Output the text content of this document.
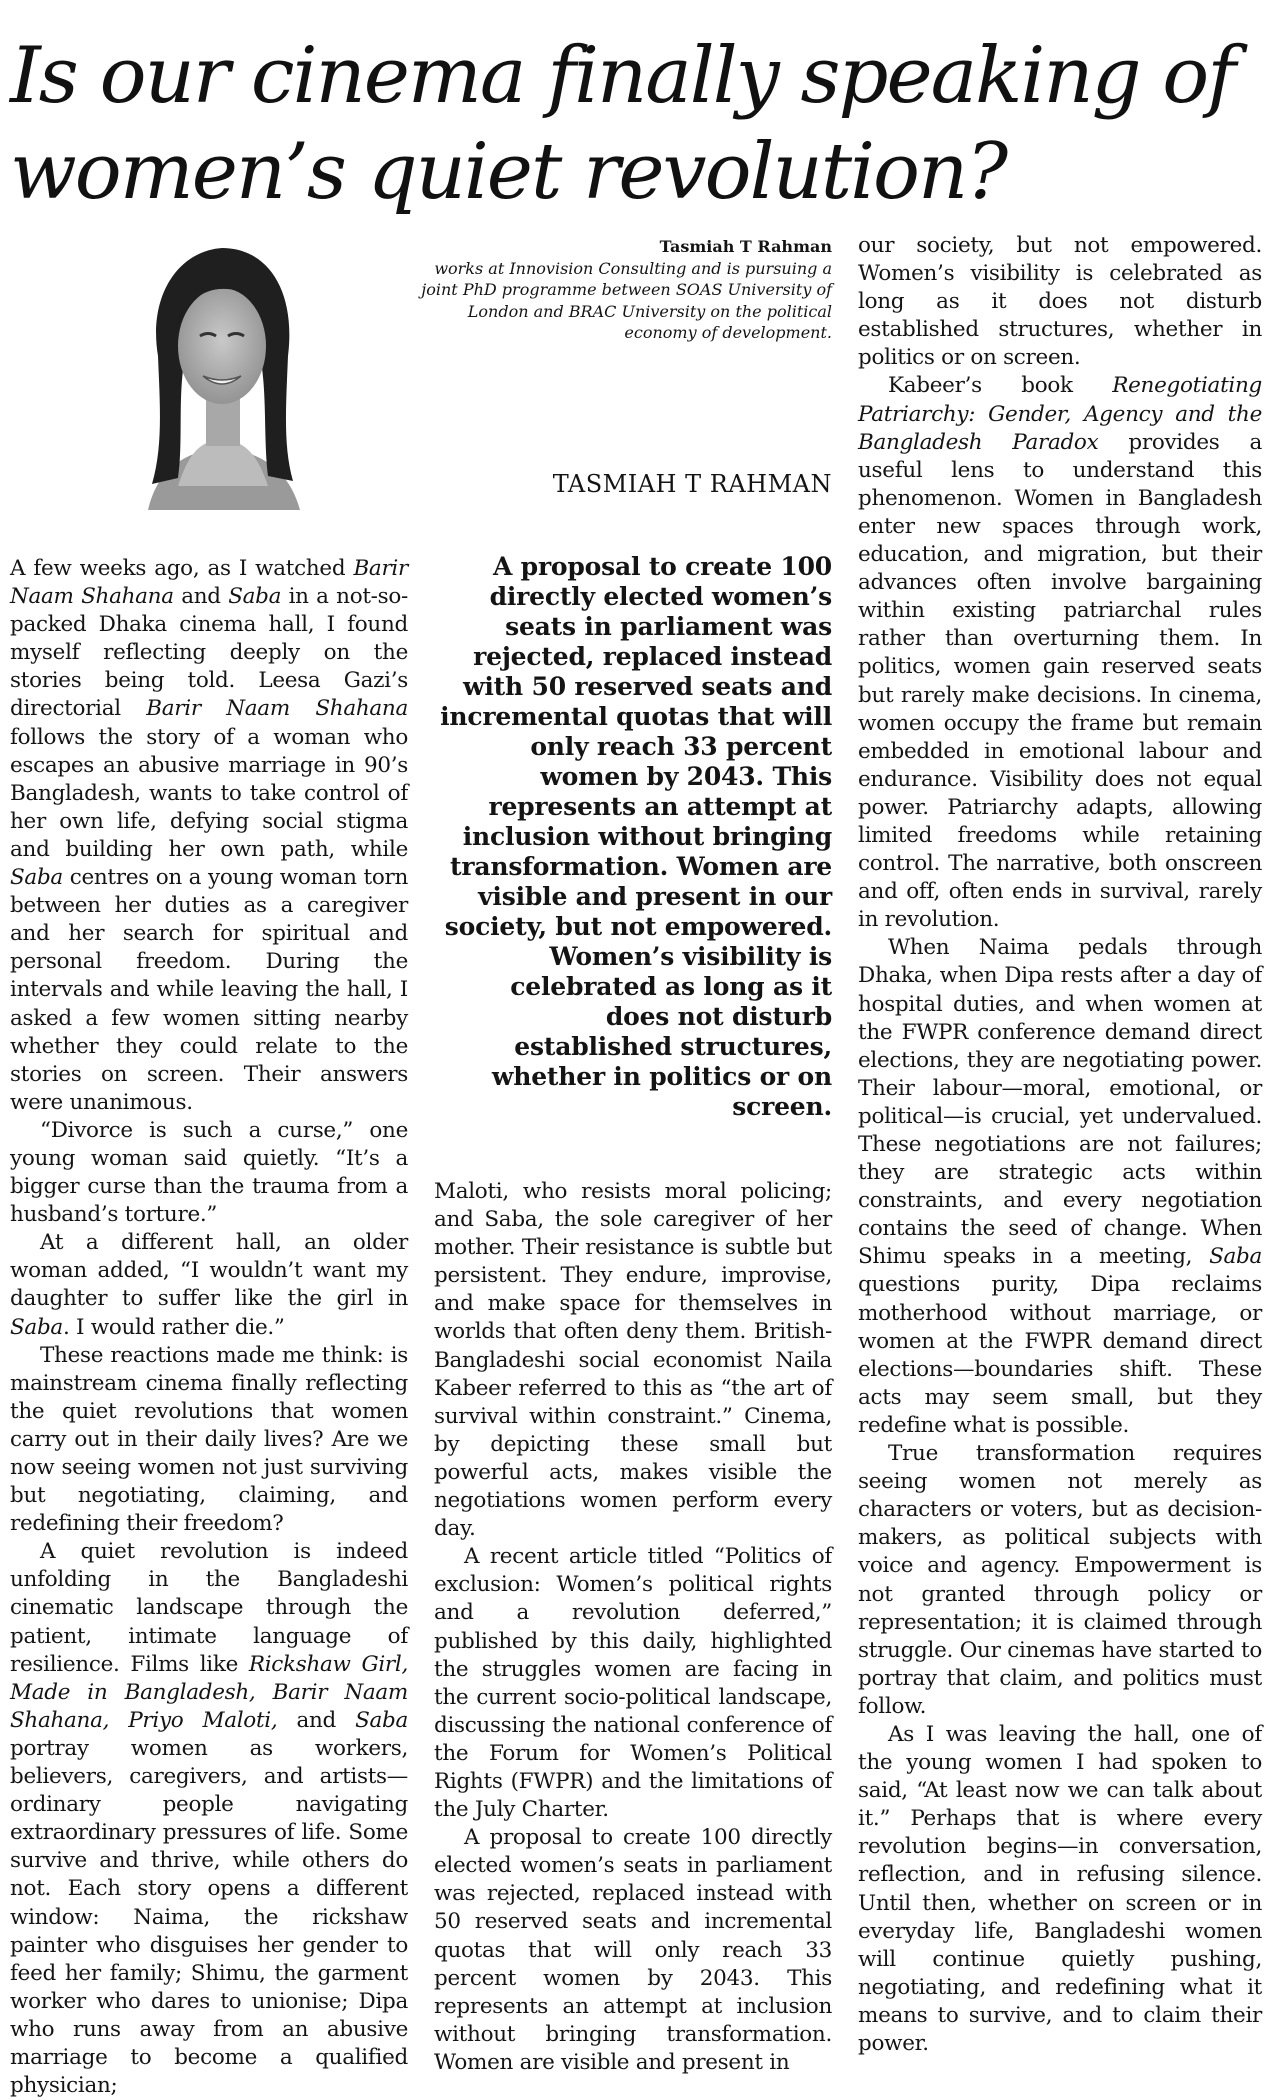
Is our cinema finally speaking of women’s quiet revolution?
Tasmiah T Rahman
works at Innovision Consulting and is pursuing a joint PhD programme between SOAS University of London and BRAC University on the political economy of development.
TASMIAH T RAHMAN
A proposal to create 100 directly elected women’s seats in parliament was rejected, replaced instead with 50 reserved seats and incremental quotas that will only reach 33 percent women by 2043. This represents an attempt at inclusion without bringing transformation. Women are visible and present in our society, but not empowered. Women’s visibility is celebrated as long as it does not disturb established structures, whether in politics or on screen.

A few weeks ago, as I watched Barir Naam Shahana and Saba in a not-so-packed Dhaka cinema hall, I found myself reflecting deeply on the stories being told. Leesa Gazi’s directorial Barir Naam Shahana follows the story of a woman who escapes an abusive marriage in 90’s Bangladesh, wants to take control of her own life, defying social stigma and building her own path, while Saba centres on a young woman torn between her duties as a caregiver and her search for spiritual and personal freedom. During the intervals and while leaving the hall, I asked a few women sitting nearby whether they could relate to the stories on screen. Their answers were unanimous.

“Divorce is such a curse,” one young woman said quietly. “It’s a bigger curse than the trauma from a husband’s torture.”

At a different hall, an older woman added, “I wouldn’t want my daughter to suffer like the girl in Saba. I would rather die.”

These reactions made me think: is mainstream cinema finally reflecting the quiet revolutions that women carry out in their daily lives? Are we now seeing women not just surviving but negotiating, claiming, and redefining their freedom?

A quiet revolution is indeed unfolding in the Bangladeshi cinematic landscape through the patient, intimate language of resilience. Films like Rickshaw Girl, Made in Bangladesh, Barir Naam Shahana, Priyo Maloti, and Saba portray women as workers, believers, caregivers, and artists—ordinary people navigating extraordinary pressures of life. Some survive and thrive, while others do not. Each story opens a different window: Naima, the rickshaw painter who disguises her gender to feed her family; Shimu, the garment worker who dares to unionise; Dipa who runs away from an abusive marriage to become a qualified physician;

Maloti, who resists moral policing; and Saba, the sole caregiver of her mother. Their resistance is subtle but persistent. They endure, improvise, and make space for themselves in worlds that often deny them. British-Bangladeshi social economist Naila Kabeer referred to this as “the art of survival within constraint.” Cinema, by depicting these small but powerful acts, makes visible the negotiations women perform every day.

A recent article titled “Politics of exclusion: Women’s political rights and a revolution deferred,” published by this daily, highlighted the struggles women are facing in the current socio-political landscape, discussing the national conference of the Forum for Women’s Political Rights (FWPR) and the limitations of the July Charter.

A proposal to create 100 directly elected women’s seats in parliament was rejected, replaced instead with 50 reserved seats and incremental quotas that will only reach 33 percent women by 2043. This represents an attempt at inclusion without bringing transformation. Women are visible and present in

our society, but not empowered. Women’s visibility is celebrated as long as it does not disturb established structures, whether in politics or on screen.

Kabeer’s book Renegotiating Patriarchy: Gender, Agency and the Bangladesh Paradox provides a useful lens to understand this phenomenon. Women in Bangladesh enter new spaces through work, education, and migration, but their advances often involve bargaining within existing patriarchal rules rather than overturning them. In politics, women gain reserved seats but rarely make decisions. In cinema, women occupy the frame but remain embedded in emotional labour and endurance. Visibility does not equal power. Patriarchy adapts, allowing limited freedoms while retaining control. The narrative, both onscreen and off, often ends in survival, rarely in revolution.

When Naima pedals through Dhaka, when Dipa rests after a day of hospital duties, and when women at the FWPR conference demand direct elections, they are negotiating power. Their labour—moral, emotional, or political—is crucial, yet undervalued. These negotiations are not failures; they are strategic acts within constraints, and every negotiation contains the seed of change. When Shimu speaks in a meeting, Saba questions purity, Dipa reclaims motherhood without marriage, or women at the FWPR demand direct elections—boundaries shift. These acts may seem small, but they redefine what is possible.

True transformation requires seeing women not merely as characters or voters, but as decision-makers, as political subjects with voice and agency. Empowerment is not granted through policy or representation; it is claimed through struggle. Our cinemas have started to portray that claim, and politics must follow.

As I was leaving the hall, one of the young women I had spoken to said, “At least now we can talk about it.” Perhaps that is where every revolution begins—in conversation, reflection, and in refusing silence. Until then, whether on screen or in everyday life, Bangladeshi women will continue quietly pushing, negotiating, and redefining what it means to survive, and to claim their power.
